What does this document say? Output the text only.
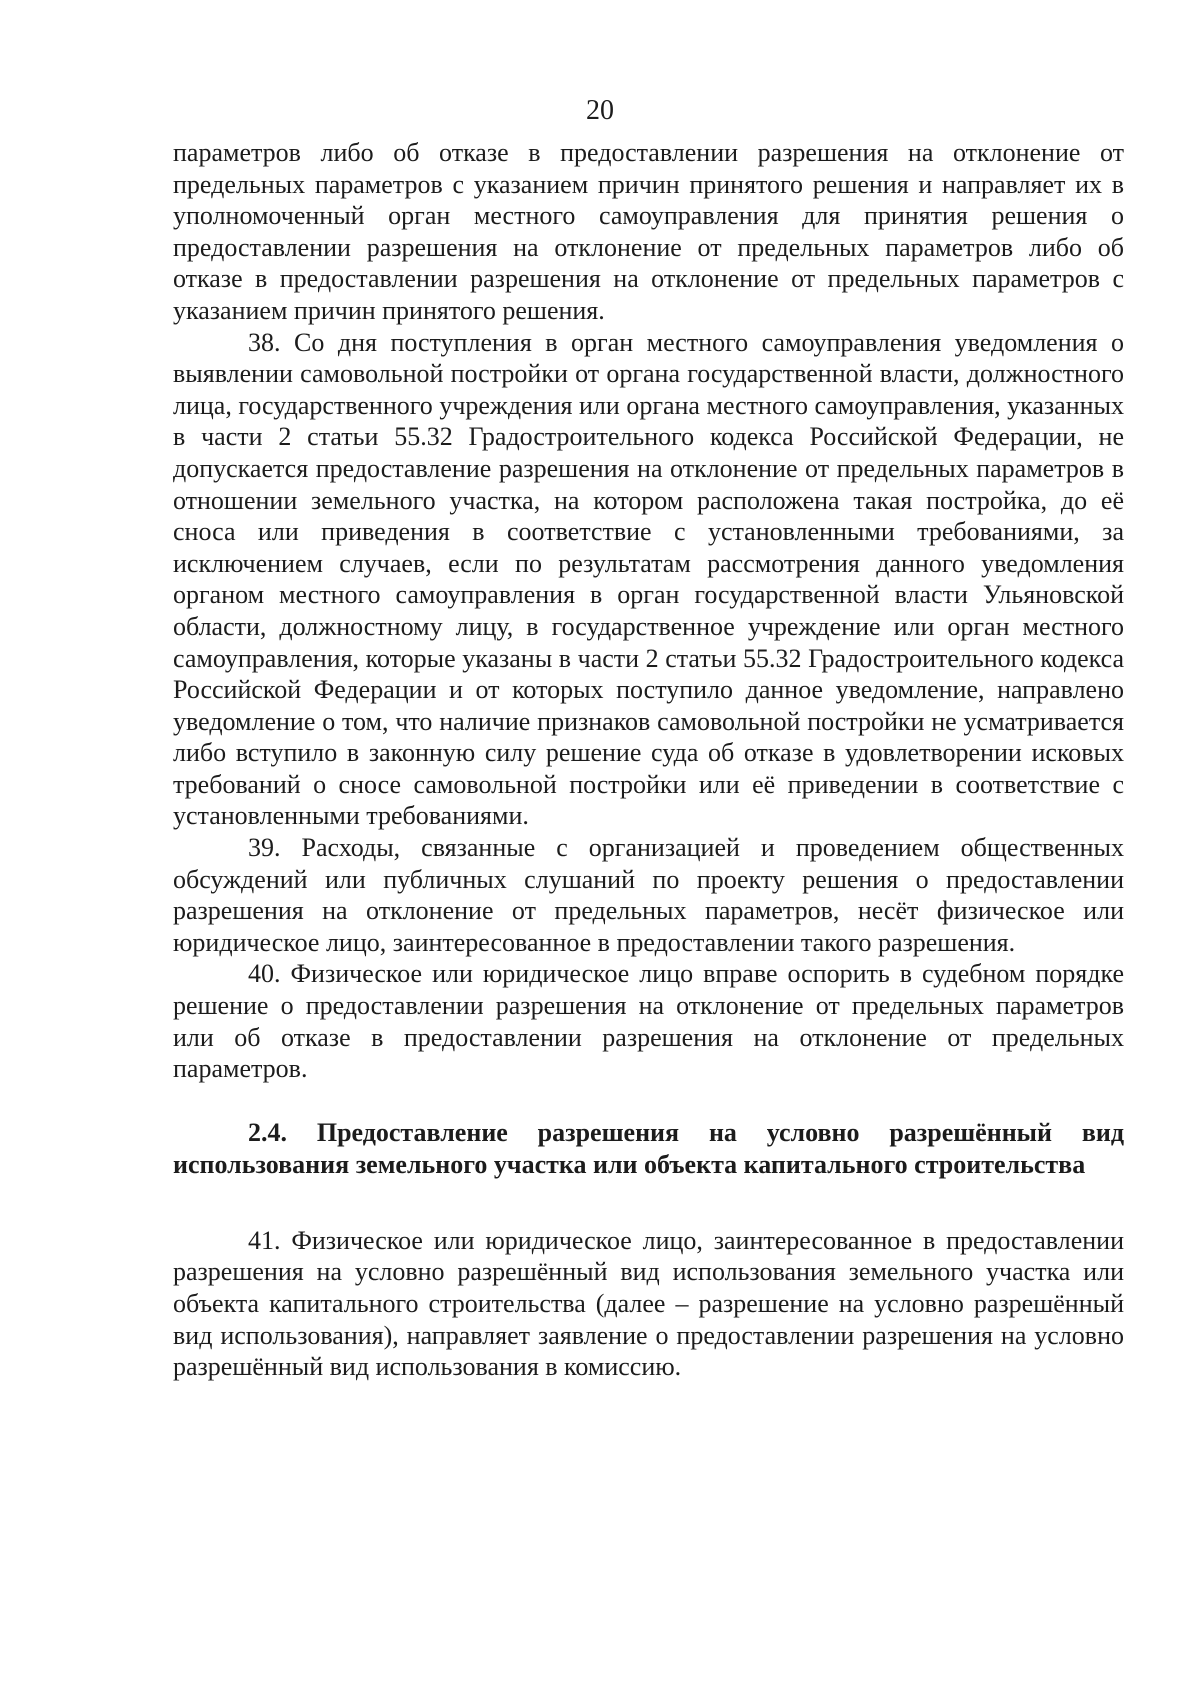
20

параметров либо об отказе в предоставлении разрешения на отклонение от предельных параметров с указанием причин принятого решения и направляет их в уполномоченный орган местного самоуправления для принятия решения о предоставлении разрешения на отклонение от предельных параметров либо об отказе в предоставлении разрешения на отклонение от предельных параметров с указанием причин принятого решения.

38. Со дня поступления в орган местного самоуправления уведомления о выявлении самовольной постройки от органа государственной власти, должностного лица, государственного учреждения или органа местного самоуправления, указанных в части 2 статьи 55.32 Градостроительного кодекса Российской Федерации, не допускается предоставление разрешения на отклонение от предельных параметров в отношении земельного участка, на котором расположена такая постройка, до её сноса или приведения в соответствие с установленными требованиями, за исключением случаев, если по результатам рассмотрения данного уведомления органом местного самоуправления в орган государственной власти Ульяновской области, должностному лицу, в государственное учреждение или орган местного самоуправления, которые указаны в части 2 статьи 55.32 Градостроительного кодекса Российской Федерации и от которых поступило данное уведомление, направлено уведомление о том, что наличие признаков самовольной постройки не усматривается либо вступило в законную силу решение суда об отказе в удовлетворении исковых требований о сносе самовольной постройки или её приведении в соответствие с установленными требованиями.

39. Расходы, связанные с организацией и проведением общественных обсуждений или публичных слушаний по проекту решения о предоставлении разрешения на отклонение от предельных параметров, несёт физическое или юридическое лицо, заинтересованное в предоставлении такого разрешения.

40. Физическое или юридическое лицо вправе оспорить в судебном порядке решение о предоставлении разрешения на отклонение от предельных параметров или об отказе в предоставлении разрешения на отклонение от предельных параметров.

2.4. Предоставление разрешения на условно разрешённый вид использования земельного участка или объекта капитального строительства

41. Физическое или юридическое лицо, заинтересованное в предоставлении разрешения на условно разрешённый вид использования земельного участка или объекта капитального строительства (далее – разрешение на условно разрешённый вид использования), направляет заявление о предоставлении разрешения на условно разрешённый вид использования в комиссию.
